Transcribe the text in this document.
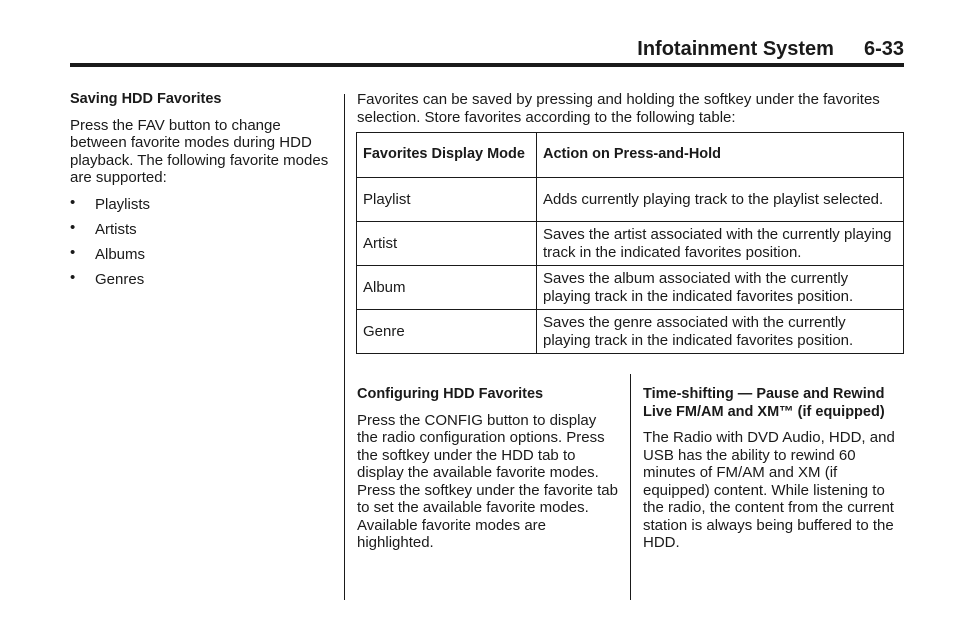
Infotainment System 6-33
Saving HDD Favorites

Press the FAV button to change between favorite modes during HDD playback. The following favorite modes are supported:

• Playlists
• Artists
• Albums
• Genres

Favorites can be saved by pressing and holding the softkey under the favorites selection. Store favorites according to the following table:

Favorites Display Mode	Action on Press-and-Hold
Playlist	Adds currently playing track to the playlist selected.
Artist	Saves the artist associated with the currently playing track in the indicated favorites position.
Album	Saves the album associated with the currently playing track in the indicated favorites position.
Genre	Saves the genre associated with the currently playing track in the indicated favorites position.
Configuring HDD Favorites

Press the CONFIG button to display the radio configuration options. Press the softkey under the HDD tab to display the available favorite modes. Press the softkey under the favorite tab to set the available favorite modes. Available favorite modes are highlighted.

Time-shifting — Pause and Rewind Live FM/AM and XM™ (if equipped)

The Radio with DVD Audio, HDD, and USB has the ability to rewind 60 minutes of FM/AM and XM (if equipped) content. While listening to the radio, the content from the current station is always being buffered to the HDD.
